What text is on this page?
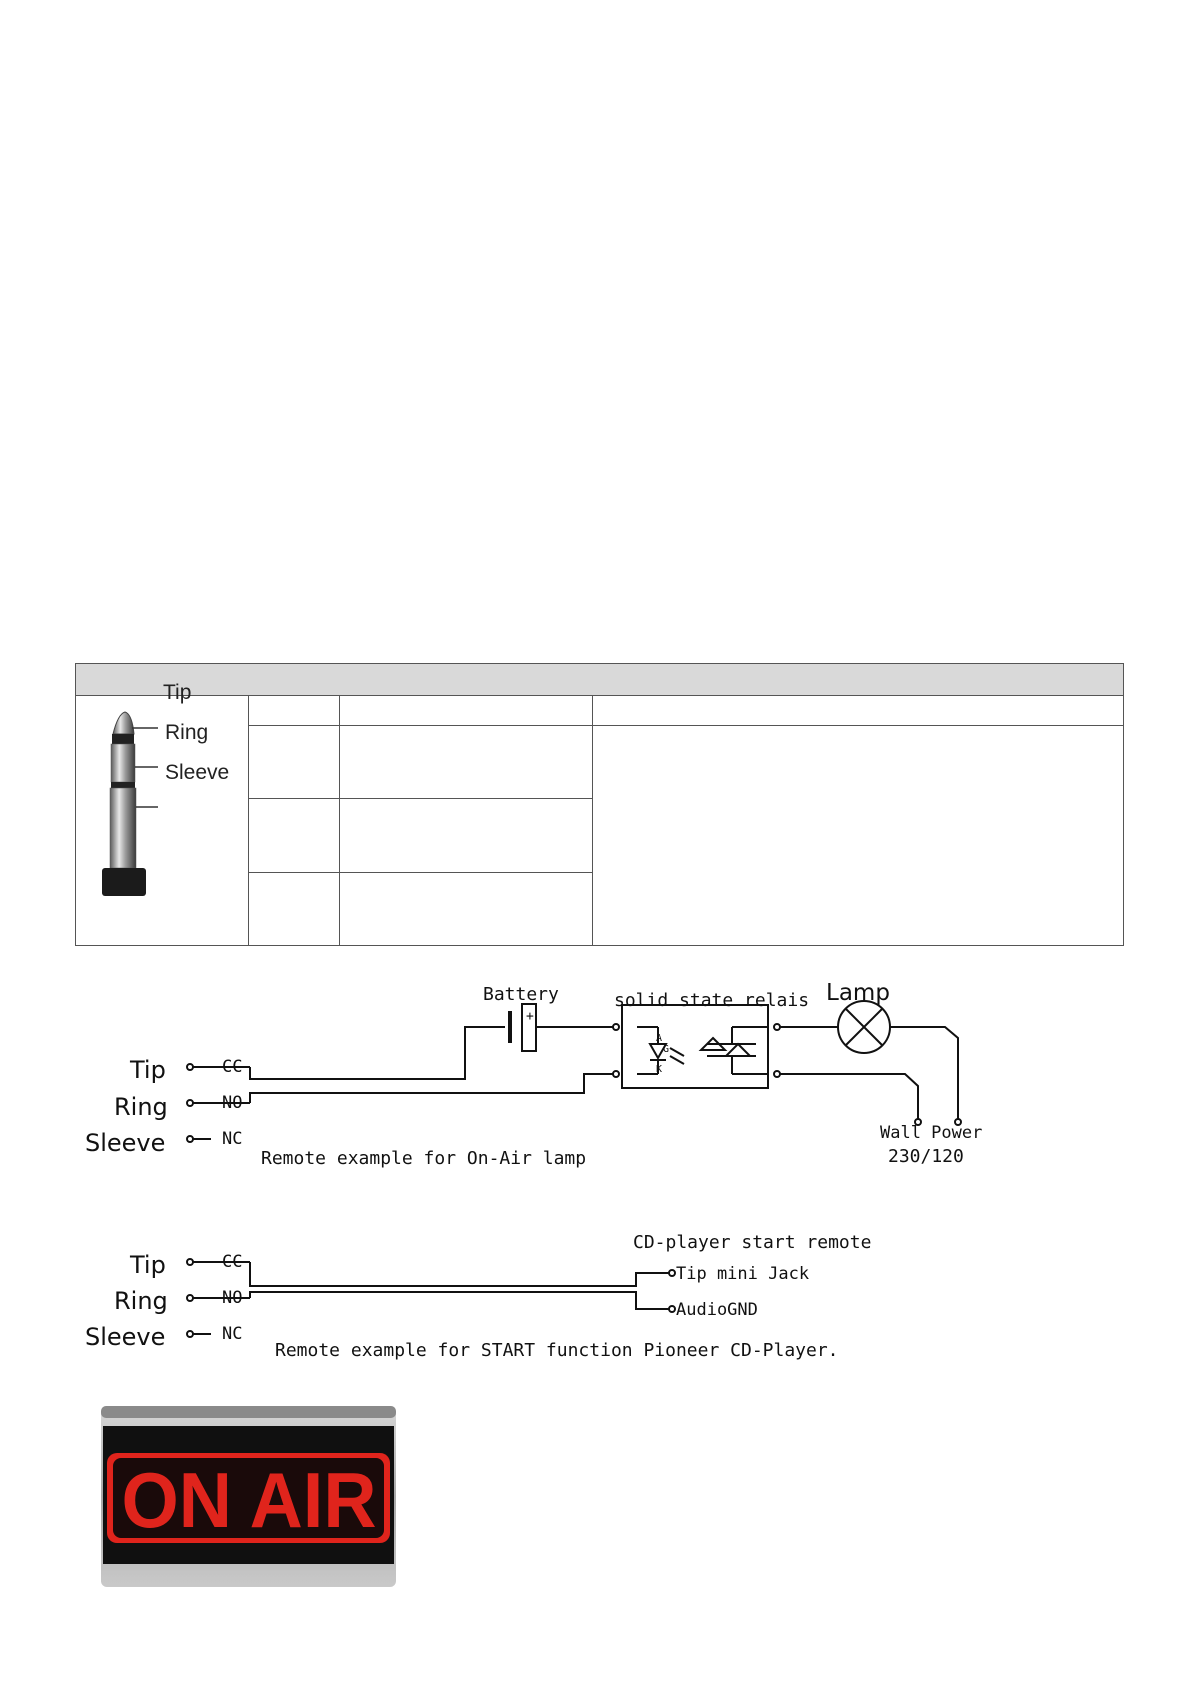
Tip
Ring
Sleeve
Tip
Ring
Sleeve
CC
NO
NC
Battery
+
solid state relais Lamp
A
G
K
Wall Power
230/120
Remote example for On-Air lamp
Tip
Ring
Sleeve
CC
NO
NC
CD-player start remote
Tip mini Jack
AudioGND
Remote example for START function Pioneer CD-Player.
ON AIR
